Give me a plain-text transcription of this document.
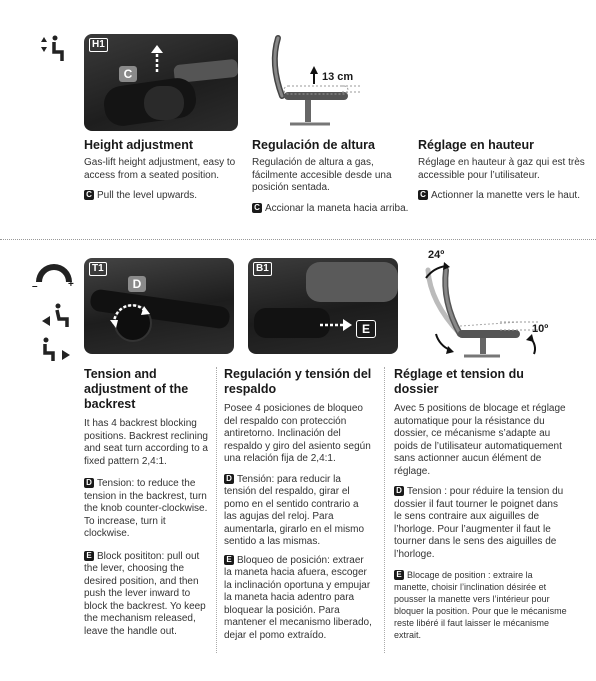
H1
C	13 cm
Height adjustment

Gas-lift height adjustment, easy to access from a seated position.

C Pull the level upwards.

Regulación de altura

Regulación de altura a gas, fácilmente accesible desde una posición sentada.

C Accionar la maneta hacia arriba.

Réglage en hauteur

Réglage en hauteur à gaz qui est très accessible pour l’utilisateur.

C Actionner la manette vers le haut.

–	+
T1
D
B1
E
24º
10º
Tension and adjustment of the backrest

It has 4 backrest blocking positions. Backrest reclining and seat turn according to a fixed pattern 2,4:1.

D Tension: to reduce the tension in the backrest, turn the knob counter-clockwise. To increase, turn it clockwise.

E Block posititon: pull out the lever, choosing the desired position, and then push the lever inward to block the backrest. Yo keep the mechanism released, leave the handle out.

Regulación y tensión del respaldo

Posee 4 posiciones de bloqueo del respaldo con protección antiretorno. Inclinación del respaldo y giro del asiento según una relación fija de 2,4:1.

D Tensión: para reducir la tensión del respaldo, girar el pomo en el sentido contrario a las agujas del reloj. Para aumentarla, girarlo en el mismo sentido a las mismas.

E Bloqueo de posición: extraer la maneta hacia afuera, escoger la inclinación oportuna y empujar la maneta hacia adentro para bloquear la posición. Para mantener el mecanismo liberado, dejar el pomo extraído.

Réglage et tension du dossier

Avec 5 positions de blocage et réglage automatique pour la résistance du dossier, ce mécanisme s’adapte au poids de l’utilisateur automatiquement sans actionner aucun élément de réglage.

D Tension : pour réduire la tension du dossier il faut tourner le poignet dans le sens contraire aux aiguilles de l’horloge. Pour l’augmenter il faut le tourner dans le sens des aiguilles de l’horloge.

E Blocage de position : extraire la manette, choisir l’inclination désirée et pousser la manette vers l’intérieur pour bloquer la position. Pour que le mécanisme reste libéré il faut laisser le mécanisme extrait.
